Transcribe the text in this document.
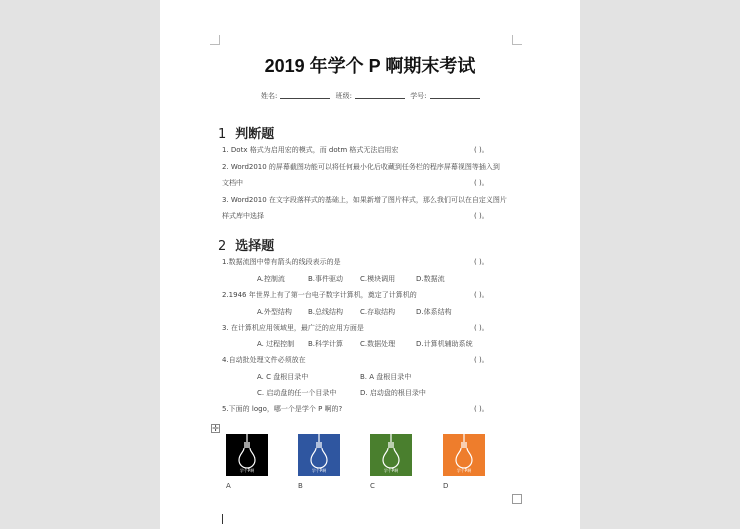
2019 年学个 P 啊期末考试
姓名:	班级:	学号:
1 判断题
1. Dotx 格式为启用宏的模式，而 dotm 格式无法启用宏
2. Word2010 的屏幕截图功能可以将任何最小化后收藏到任务栏的程序屏幕视图等插入到
文档中
3. Word2010 在文字段落样式的基础上，如果新增了图片样式，那么我们可以在自定义图片
样式库中选择
( )。
( )。
( )。
2 选择题
1.数据流图中带有箭头的线段表示的是
A.控制流	B.事件驱动 C.模块调用	D.数据流
2.1946 年世界上有了第一台电子数字计算机，奠定了计算机的
A.外型结构 B.总线结构 C.存取结构	D.体系结构
3. 在计算机应用领域里，最广泛的应用方面是
A. 过程控制 B.科学计算 C.数据处理	D.计算机辅助系统
4.自动批处理文件必须放在
A. C 盘根目录中	B. A 盘根目录中
C. 启动盘的任一个目录中	D. 启动盘的根目录中
5.下面的 logo，哪一个是学个 P 啊的?
( )。
( )。
( )。
( )。
( )。
✛
学个P啊	学个P啊	学个P啊	学个P啊
A	B	C	D
